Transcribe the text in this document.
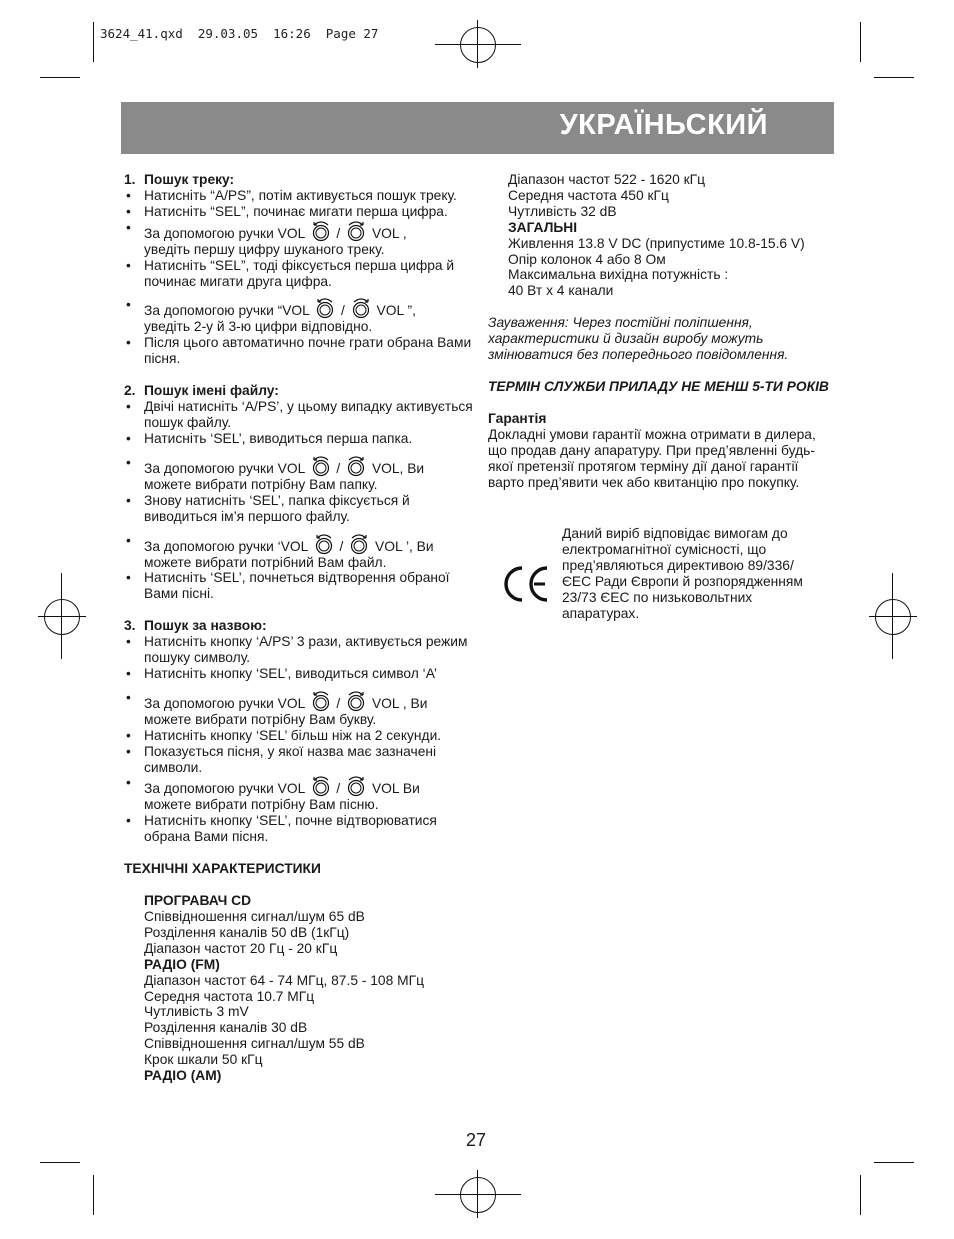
3624_41.qxd  29.03.05  16:26  Page 27
УКРАЇНЬСКИЙ
1. Пошук треку:
• Натисніть “A/PS”, потім активується пошук треку.
• Натисніть “SEL”, починає мигати перша цифра.
• За допомогою ручки VOL / VOL ,
уведіть першу цифру шуканого треку.
• Натисніть “SEL”, тоді фіксується перша цифра й починає мигати друга цифра.
• За допомогою ручки “VOL / VOL ”,
уведіть 2-у й 3-ю цифри відповідно.
• Після цього автоматично почне грати обрана Вами пісня.
2. Пошук імені файлу:
• Двічі натисніть ‘A/PS’, у цьому випадку активується пошук файлу.
• Натисніть ‘SEL’, виводиться перша папка.
• За допомогою ручки VOL / VOL, Ви
можете вибрати потрібну Вам папку.
• Знову натисніть ‘SEL’, папка фіксується й виводиться ім’я першого файлу.
• За допомогою ручки ‘VOL / VOL ’, Ви
можете вибрати потрібний Вам файл.
• Натисніть ‘SEL’, почнеться відтворення обраної Вами пісні.
3. Пошук за назвою:
• Натисніть кнопку ‘A/PS’ 3 рази, активується режим пошуку символу.
• Натисніть кнопку ‘SEL’, виводиться символ ‘A’
• За допомогою ручки VOL / VOL , Ви
можете вибрати потрібну Вам букву.
• Натисніть кнопку ‘SEL’ більш ніж на 2 секунди.
• Показується пісня, у якої назва має зазначені символи.
• За допомогою ручки VOL / VOL Ви
можете вибрати потрібну Вам пісню.
• Натисніть кнопку ‘SEL’, почне відтворюватися обрана Вами пісня.
ТЕХНІЧНІ ХАРАКТЕРИСТИКИ
ПРОГРАВАЧ CD
Співвідношення сигнал/шум 65 dB
Розділення каналів 50 dB (1кГц)
Діапазон частот 20 Гц - 20 кГц
РАДІО (FM)
Діапазон частот 64 - 74 МГц, 87.5 - 108 МГц
Середня частота 10.7 МГц
Чутливість 3 mV
Розділення каналів 30 dB
Співвідношення сигнал/шум 55 dB
Крок шкали 50 кГц
РАДІО (AM)
Діапазон частот 522 - 1620 кГц
Середня частота 450 кГц
Чутливість 32 dB
ЗАГАЛЬНІ
Живлення 13.8 V DC (припустиме 10.8-15.6 V)
Опір колонок 4 або 8 Ом
Максимальна вихідна потужність :
40 Вт х 4 канали
Зауваження: Через постійні поліпшення, характеристики й дизайн виробу можуть змінюватися без попереднього повідомлення.
ТЕРМІН СЛУЖБИ ПРИЛАДУ НЕ МЕНШ 5-ТИ РОКІВ
Гарантія
Докладні умови гарантії можна отримати в дилера, що продав дану апаратуру. При пред’явленні будь-якої претензії протягом терміну дії даної гарантії варто пред’явити чек або квитанцію про покупку.
Даний виріб відповідає вимогам до електромагнітної сумісності, що пред’являються директивою 89/336/ЄЕС Ради Європи й розпорядженням 23/73 ЄЕС по низьковольтних апаратурах.
27
